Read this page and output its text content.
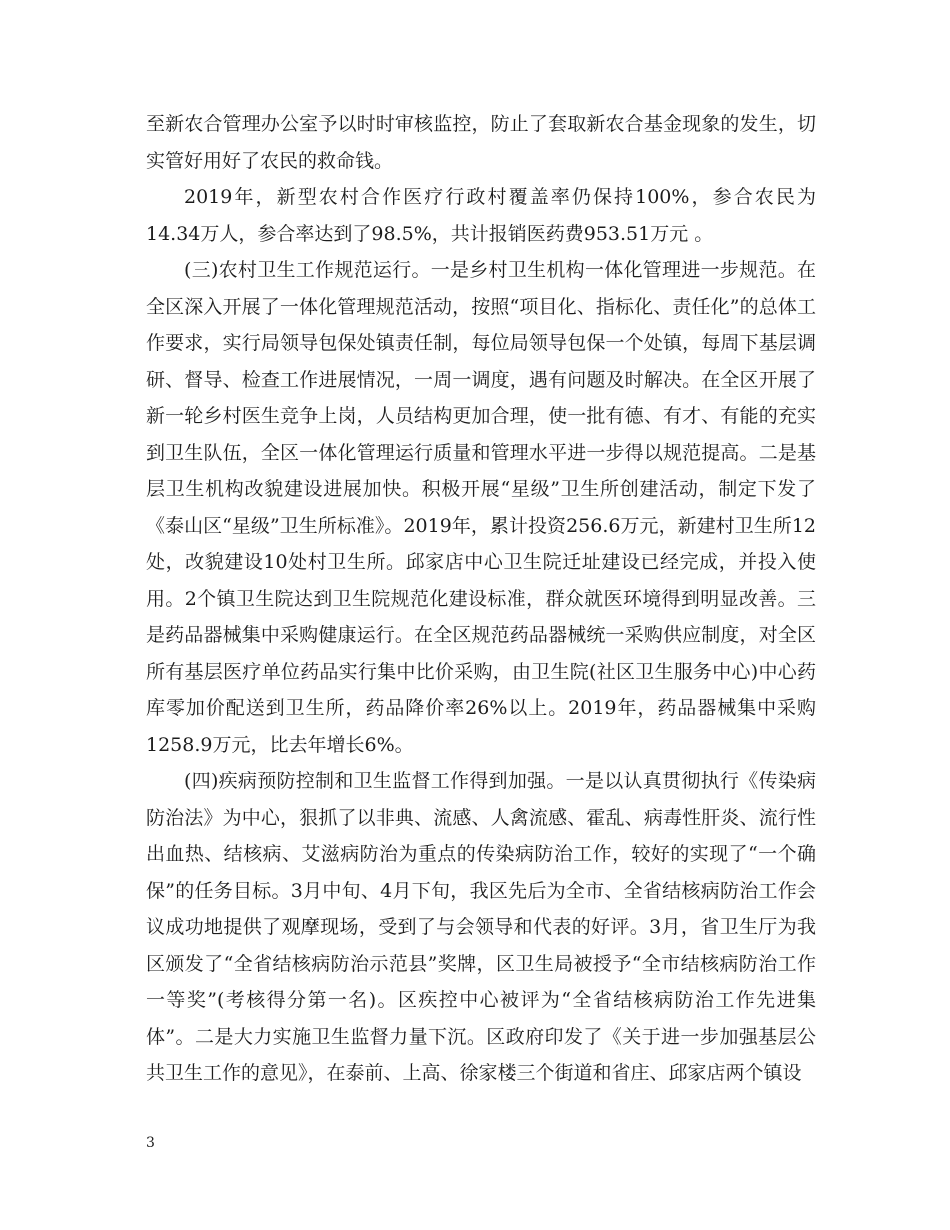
至新农合管理办公室予以时时审核监控，防止了套取新农合基金现象的发生，切实管好用好了农民的救命钱。

2019年，新型农村合作医疗行政村覆盖率仍保持100%，参合农民为14.34万人，参合率达到了98.5%，共计报销医药费953.51万元 。

(三)农村卫生工作规范运行。一是乡村卫生机构一体化管理进一步规范。在全区深入开展了一体化管理规范活动，按照“项目化、指标化、责任化”的总体工作要求，实行局领导包保处镇责任制，每位局领导包保一个处镇，每周下基层调研、督导、检查工作进展情况，一周一调度，遇有问题及时解决。在全区开展了新一轮乡村医生竞争上岗，人员结构更加合理，使一批有德、有才、有能的充实到卫生队伍，全区一体化管理运行质量和管理水平进一步得以规范提高。二是基层卫生机构改貌建设进展加快。积极开展“星级”卫生所创建活动，制定下发了《泰山区“星级”卫生所标准》。2019年，累计投资256.6万元，新建村卫生所12处，改貌建设10处村卫生所。邱家店中心卫生院迁址建设已经完成，并投入使用。2个镇卫生院达到卫生院规范化建设标准，群众就医环境得到明显改善。三是药品器械集中采购健康运行。在全区规范药品器械统一采购供应制度，对全区所有基层医疗单位药品实行集中比价采购，由卫生院(社区卫生服务中心)中心药库零加价配送到卫生所，药品降价率26%以上。2019年，药品器械集中采购1258.9万元，比去年增长6%。

(四)疾病预防控制和卫生监督工作得到加强。一是以认真贯彻执行《传染病防治法》为中心，狠抓了以非典、流感、人禽流感、霍乱、病毒性肝炎、流行性出血热、结核病、艾滋病防治为重点的传染病防治工作，较好的实现了“一个确保”的任务目标。3月中旬、4月下旬，我区先后为全市、全省结核病防治工作会议成功地提供了观摩现场，受到了与会领导和代表的好评。3月，省卫生厅为我区颁发了“全省结核病防治示范县”奖牌，区卫生局被授予“全市结核病防治工作一等奖”(考核得分第一名)。区疾控中心被评为“全省结核病防治工作先进集体”。二是大力实施卫生监督力量下沉。区政府印发了《关于进一步加强基层公共卫生工作的意见》，在泰前、上高、徐家楼三个街道和省庄、邱家店两个镇设

3
